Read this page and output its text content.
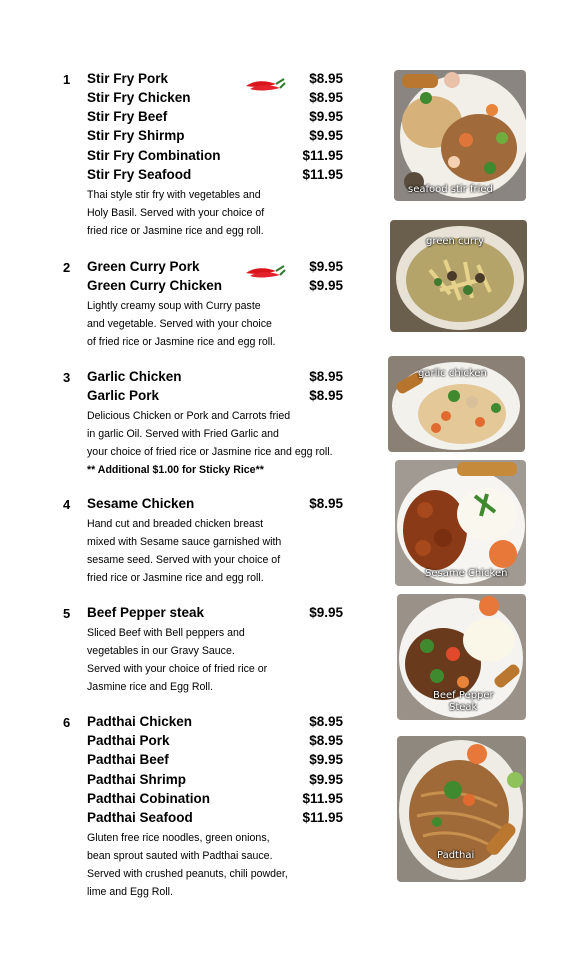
1 Stir Fry Pork	$8.95
Stir Fry Chicken	$8.95
Stir Fry Beef	$9.95
Stir Fry Shirmp	$9.95
Stir Fry Combination	$11.95
Stir Fry Seafood	$11.95
Thai style stir fry with vegetables and
Holy Basil. Served with your choice of
fried rice or Jasmine rice and egg roll.
2 Green Curry Pork	$9.95
Green Curry Chicken	$9.95
Lightly creamy soup with Curry paste
and vegetable. Served with your choice
of fried rice or Jasmine rice and egg roll.
3 Garlic Chicken	$8.95
Garlic Pork	$8.95
Delicious Chicken or Pork and Carrots fried
in garlic Oil. Served with Fried Garlic and
your choice of fried rice or Jasmine rice and egg roll.
** Additional $1.00 for Sticky Rice**
4 Sesame Chicken	$8.95
Hand cut and breaded chicken breast
mixed with Sesame sauce garnished with
sesame seed. Served with your choice of
fried rice or Jasmine rice and egg roll.
5 Beef Pepper steak	$9.95
Sliced Beef with Bell peppers and
vegetables in our Gravy Sauce.
Served with your choice of fried rice or
Jasmine rice and Egg Roll.
6 Padthai Chicken	$8.95
Padthai Pork	$8.95
Padthai Beef	$9.95
Padthai Shrimp	$9.95
Padthai Cobination	$11.95
Padthai Seafood	$11.95
Gluten free rice noodles, green onions,
bean sprout sauted with Padthai sauce.
Served with crushed peanuts, chili powder,
lime and Egg Roll.
seafood stir fried
green curry
garlic chicken
Sesame Chicken
Beef Pepper
Steak
Padthai
